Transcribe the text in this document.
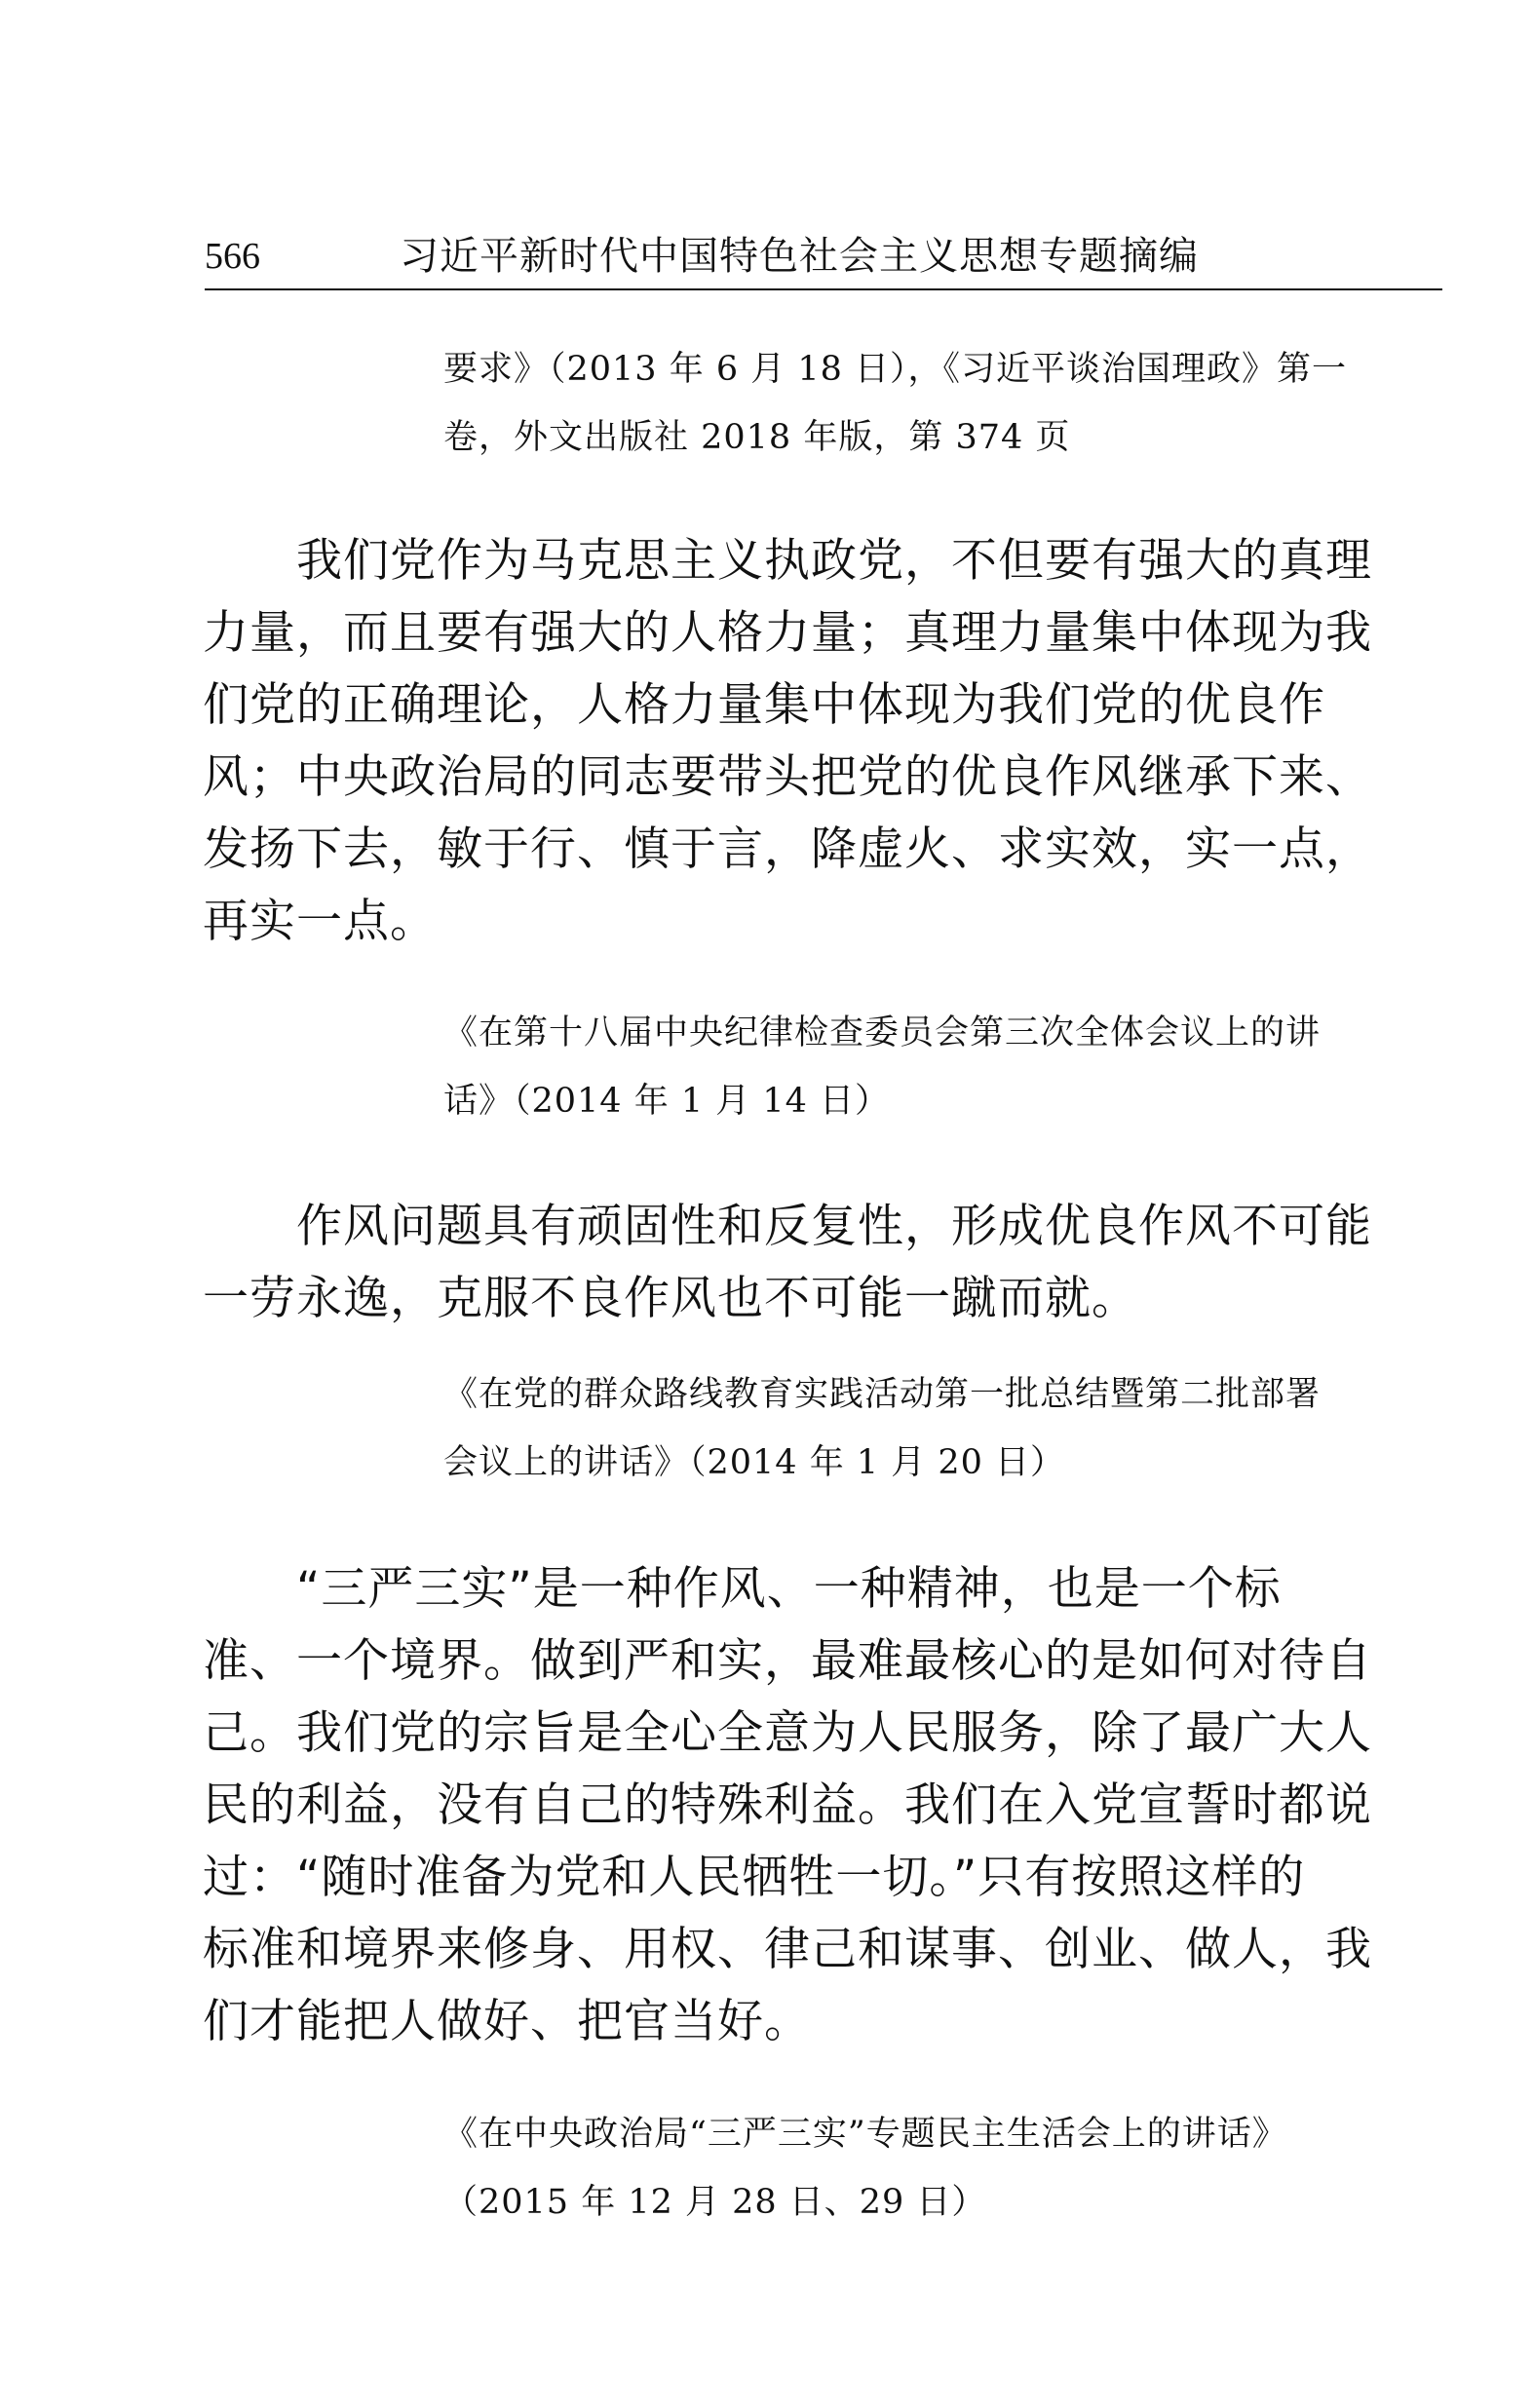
566	习近平新时代中国特色社会主义思想专题摘编
要求》（2013 年 6 月 18 日），《习近平谈治国理政》第一
卷，外文出版社 2018 年版，第 374 页
　　我们党作为马克思主义执政党，不但要有强大的真理
力量，而且要有强大的人格力量；真理力量集中体现为我
们党的正确理论，人格力量集中体现为我们党的优良作
风；中央政治局的同志要带头把党的优良作风继承下来、
发扬下去，敏于行、慎于言，降虚火、求实效，实一点，
再实一点。
《在第十八届中央纪律检查委员会第三次全体会议上的讲
话》（2014 年 1 月 14 日）
　　作风问题具有顽固性和反复性，形成优良作风不可能
一劳永逸，克服不良作风也不可能一蹴而就。
《在党的群众路线教育实践活动第一批总结暨第二批部署
会议上的讲话》（2014 年 1 月 20 日）
　　“三严三实”是一种作风、一种精神，也是一个标
准、一个境界。做到严和实，最难最核心的是如何对待自
己。我们党的宗旨是全心全意为人民服务，除了最广大人
民的利益，没有自己的特殊利益。我们在入党宣誓时都说
过：“随时准备为党和人民牺牲一切。”只有按照这样的
标准和境界来修身、用权、律己和谋事、创业、做人，我
们才能把人做好、把官当好。
《在中央政治局“三严三实”专题民主生活会上的讲话》
（2015 年 12 月 28 日、29 日）
